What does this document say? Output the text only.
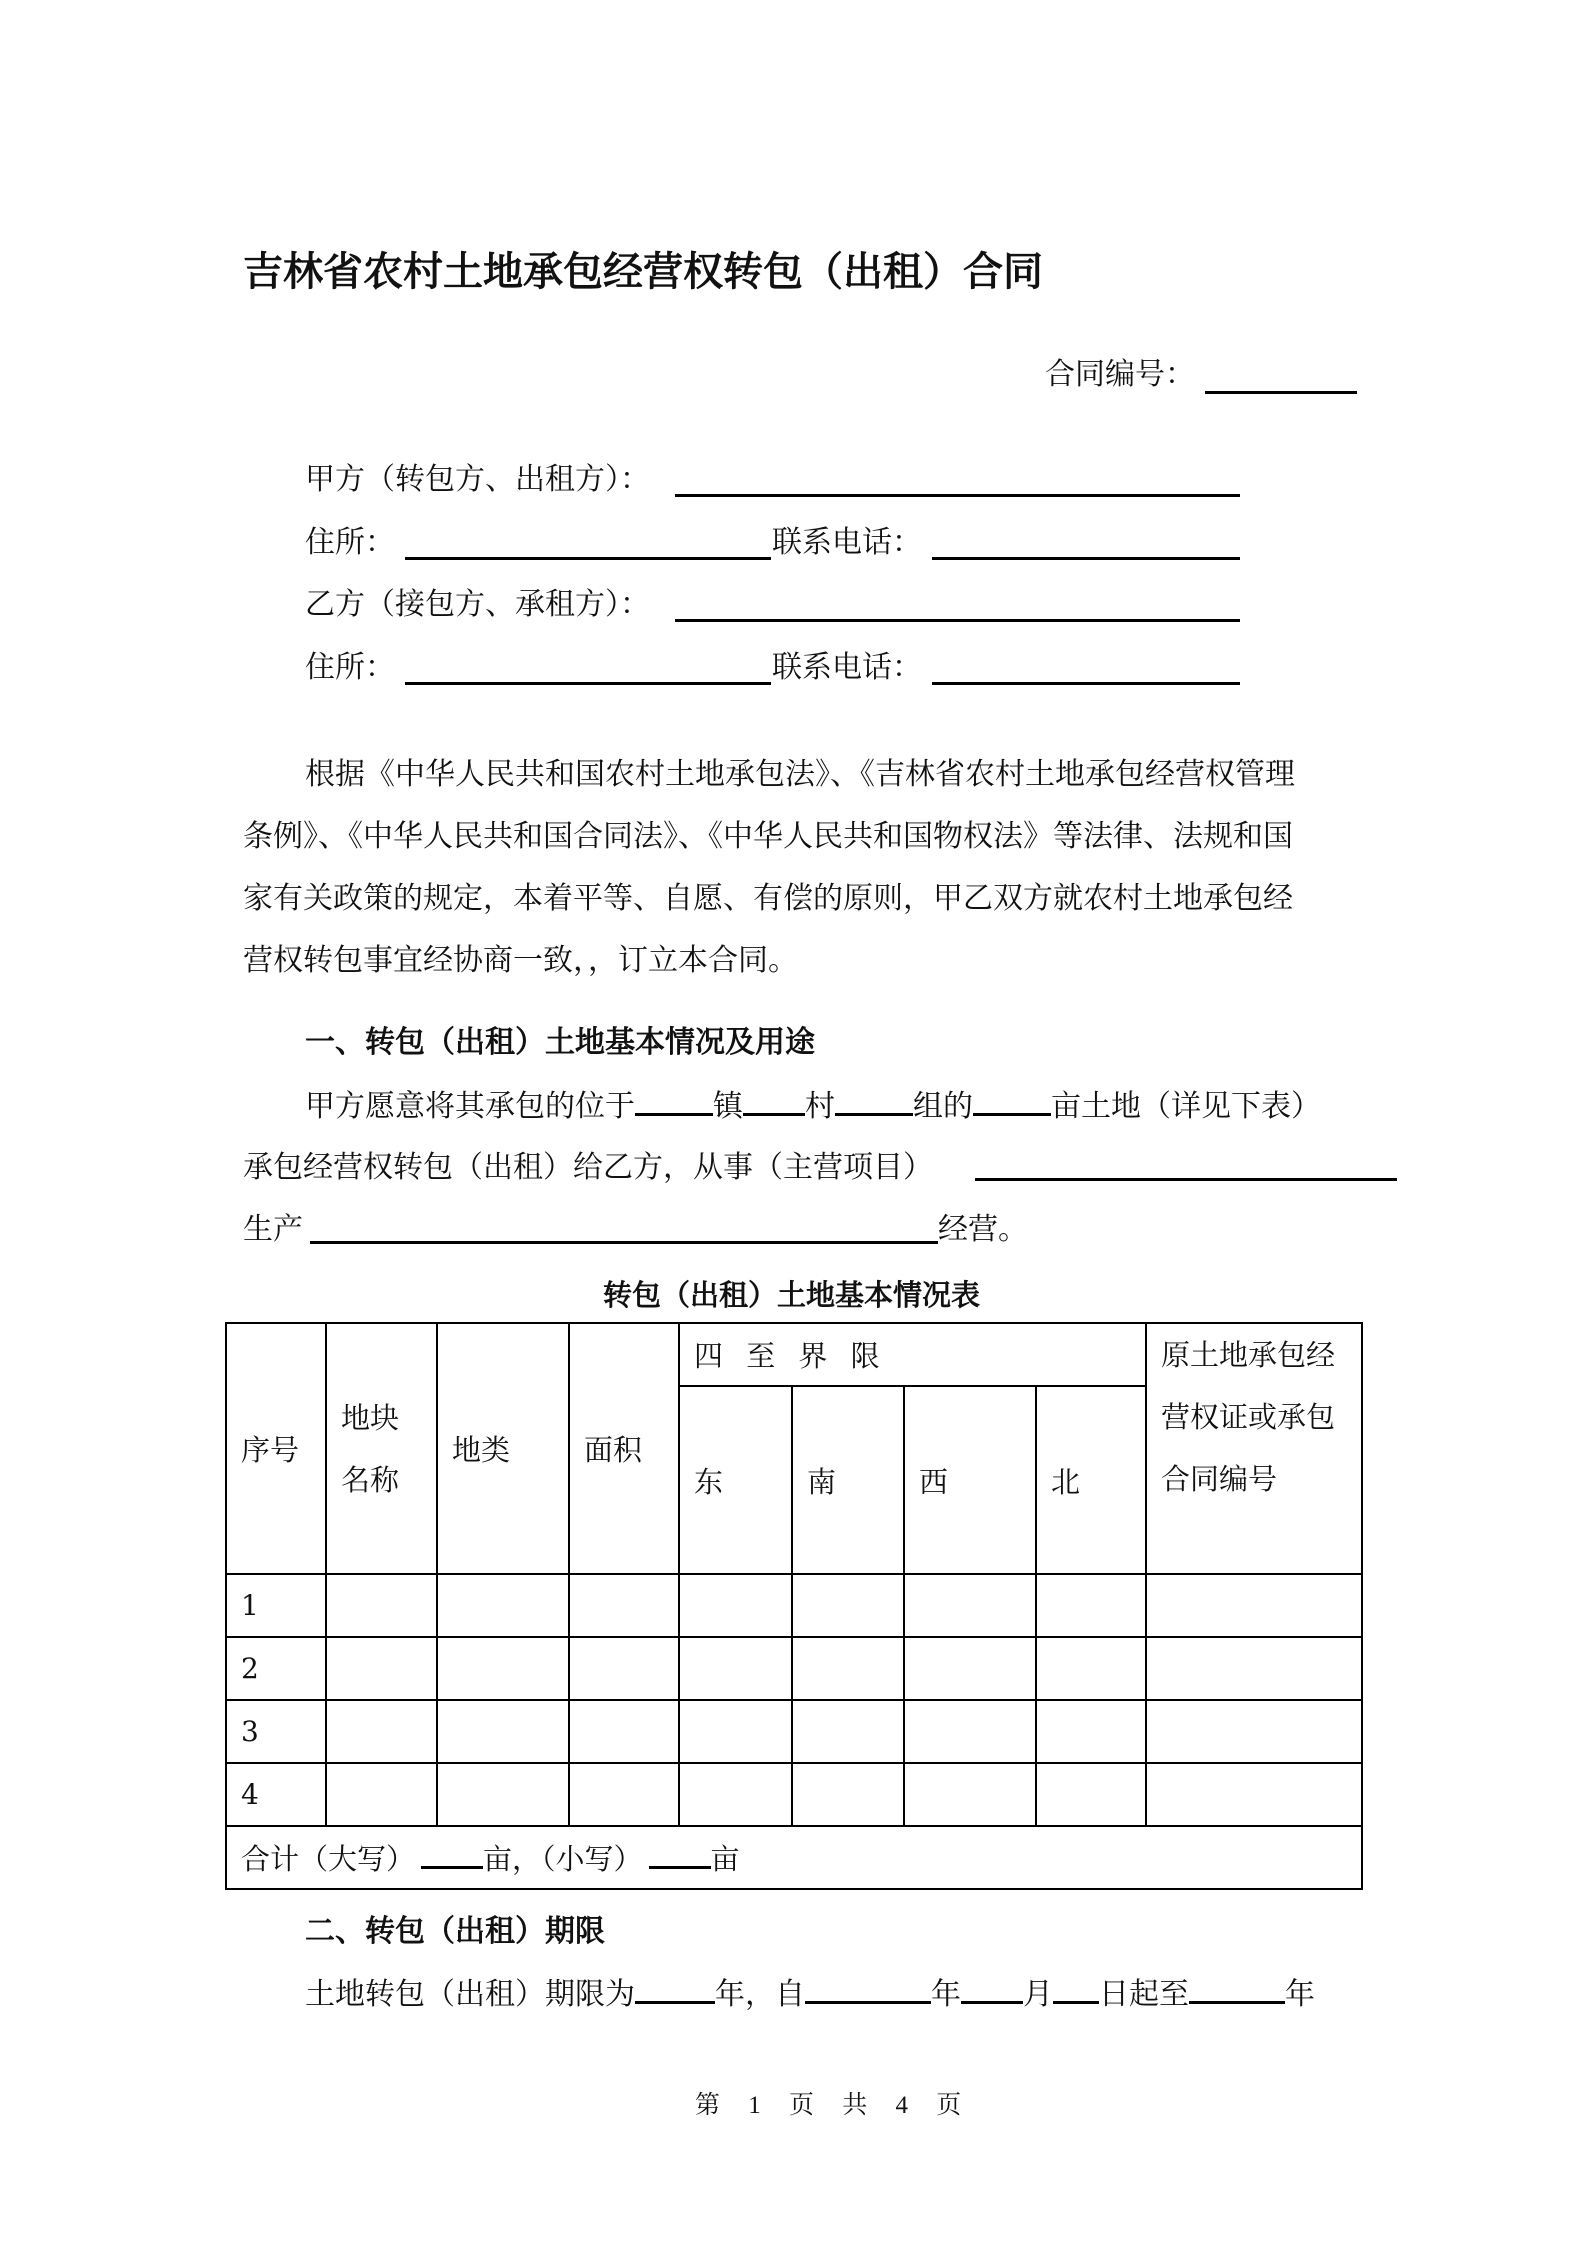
吉林省农村土地承包经营权转包（出租）合同
合同编号：
甲方（转包方、出租方）：
住所：	联系电话：
乙方（接包方、承租方）：
住所：	联系电话：
根据《中华人民共和国农村土地承包法》、《吉林省农村土地承包经营权管理
条例》、《中华人民共和国合同法》、《中华人民共和国物权法》等法律、法规和国
家有关政策的规定，本着平等、自愿、有偿的原则，甲乙双方就农村土地承包经
营权转包事宜经协商一致，，订立本合同。
一、转包（出租）土地基本情况及用途
甲方愿意将其承包的位于	镇 村	组的	亩土地（详见下表）
承包经营权转包（出租）给乙方，从事（主营项目）
生产	经营。
转包（出租）土地基本情况表
序号	地块名称	地类	面积	四 至 界 限				原土地承包经营权证或承包合同编号
				东	南	西	北	
1								
2								
3								
4								
合计（大写） 亩，（小写） 亩								
二、转包（出租）期限
土地转包（出租）期限为	年，自	年 月 日起至	年
第 1 页 共 4 页
